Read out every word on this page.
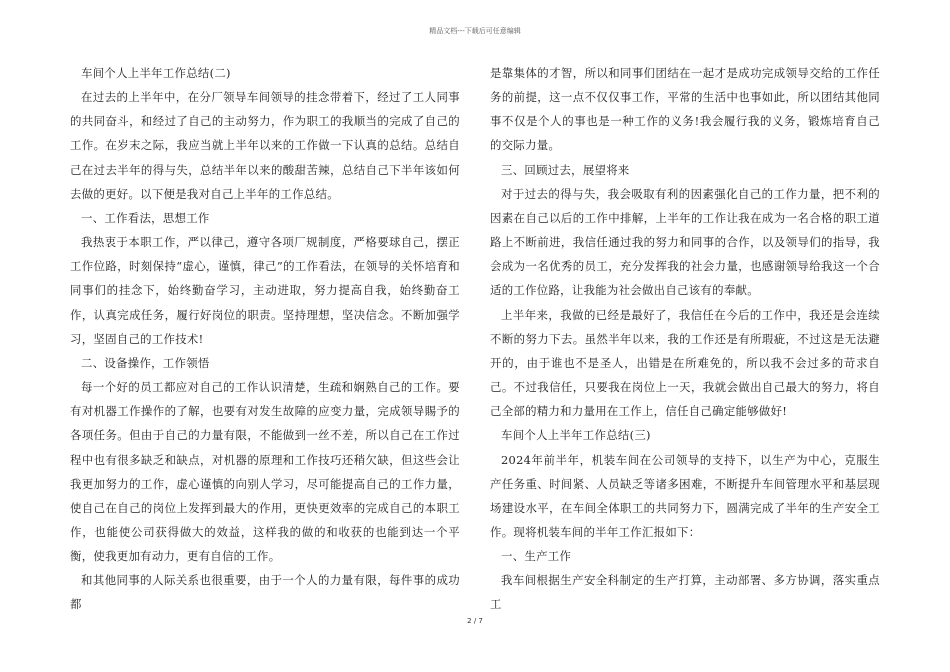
精品文档---下载后可任意编辑

车间个人上半年工作总结(二)

在过去的上半年中，在分厂领导车间领导的挂念带着下，经过了工人同事的共同奋斗，和经过了自己的主动努力，作为职工的我顺当的完成了自己的工作。在岁末之际，我应当就上半年以来的工作做一下认真的总结。总结自己在过去半年的得与失，总结半年以来的酸甜苦辣，总结自己下半年该如何去做的更好。以下便是我对自己上半年的工作总结。

一、工作看法，思想工作

我热衷于本职工作，严以律己，遵守各项厂规制度，严格要球自己，摆正工作位路，时刻保持“虚心，谨慎，律己”的工作看法，在领导的关怀培育和同事们的挂念下，始终勤奋学习，主动进取，努力提高自我，始终勤奋工作，认真完成任务，履行好岗位的职责。坚持理想，坚决信念。不断加强学习，坚固自己的工作技术!

二、设备操作，工作领悟

每一个好的员工都应对自己的工作认识清楚，生疏和娴熟自己的工作。要有对机器工作操作的了解，也要有对发生故障的应变力量，完成领导賜予的各项任务。但由于自己的力量有限，不能做到一丝不差，所以自己在工作过程中也有很多缺乏和缺点，对机器的原理和工作技巧还稍欠缺，但这些会让我更加努力的工作，虚心谨慎的向别人学习，尽可能提高自己的工作力量，使自己在自己的岗位上发挥到最大的作用，更快更效率的完成自己的本职工作，也能使公司获得做大的效益，这样我的做的和收获的也能到达一个平衡，使我更加有动力，更有自信的工作。

和其他同事的人际关系也很重要，由于一个人的力量有限，每件事的成功都

是靠集体的才智，所以和同事们团结在一起才是成功完成领导交给的工作任务的前提，这一点不仅仅事工作，平常的生活中也事如此，所以团结其他同事不仅是个人的事也是一种工作的义务!我会履行我的义务，锻炼培育自己的交际力量。

三、回顾过去，展望将来

对于过去的得与失，我会吸取有利的因素强化自己的工作力量，把不利的因素在自己以后的工作中排解，上半年的工作让我在成为一名合格的职工道路上不断前进，我信任通过我的努力和同事的合作，以及领导们的指导，我会成为一名优秀的员工，充分发挥我的社会力量，也感谢领导给我这一个合适的工作位路，让我能为社会做出自己该有的奉献。

上半年来，我做的已经是最好了，我信任在今后的工作中，我还是会连续不断的努力下去。虽然半年以来，我的工作还是有所瑕疵，不过这是无法避开的，由于谁也不是圣人，出错是在所难免的，所以我不会过多的苛求自己。不过我信任，只要我在岗位上一天，我就会做出自己最大的努力，将自己全部的精力和力量用在工作上，信任自己确定能够做好!

车间个人上半年工作总结(三)

2024年前半年，机装车间在公司领导的支持下，以生产为中心，克服生产任务重、时间紧、人员缺乏等诸多困难，不断提升车间管理水平和基层现场建设水平，在车间全体职工的共同努力下，圆满完成了半年的生产安全工作。现将机装车间的半年工作汇报如下：

一、生产工作

我车间根据生产安全科制定的生产打算，主动部署、多方协调，落实重点工

2 / 7
